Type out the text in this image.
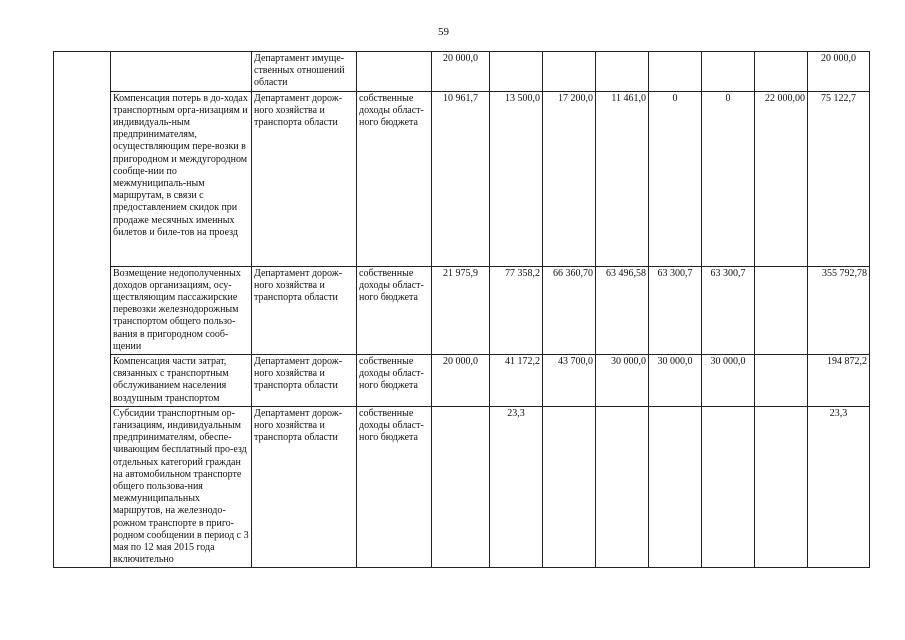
59
		Департамент имуще-ственных отношений области		20 000,0							20 000,0
	Компенсация потерь в до-ходах транспортным орга-низациям и индивидуаль-ным предпринимателям, осуществляющим пере-возки в пригородном и междугородном сообще-нии по межмуниципаль-ным маршрутам, в связи с предоставлением скидок при продаже месячных именных билетов и биле-тов на проезд	Департамент дорож-ного хозяйства и транспорта области	собственные доходы област-ного бюджета	10 961,7	13 500,0	17 200,0	11 461,0	0	0	22 000,00	75 122,7
	Возмещение недополученных доходов организациям, осу-ществляющим пассажирские перевозки железнодорожным транспортом общего пользо-вания в пригородном сооб-щении	Департамент дорож-ного хозяйства и транспорта области	собственные доходы област-ного бюджета	21 975,9	77 358,2	66 360,70	63 496,58	63 300,7	63 300,7		355 792,78
	Компенсация части затрат, связанных с транспортным обслуживанием населения воздушным транспортом	Департамент дорож-ного хозяйства и транспорта области	собственные доходы област-ного бюджета	20 000,0	41 172,2	43 700,0	30 000,0	30 000,0	30 000,0		194 872,2
	Субсидии транспортным ор-ганизациям, индивидуальным предпринимателям, обеспе-чивающим бесплатный про-езд отдельных категорий граждан на автомобильном транспорте общего пользова-ния межмуниципальных маршрутов, на железнодо-рожном транспорте в приго-родном сообщении в период с 3 мая по 12 мая 2015 года включительно	Департамент дорож-ного хозяйства и транспорта области	собственные доходы област-ного бюджета		23,3						23,3
